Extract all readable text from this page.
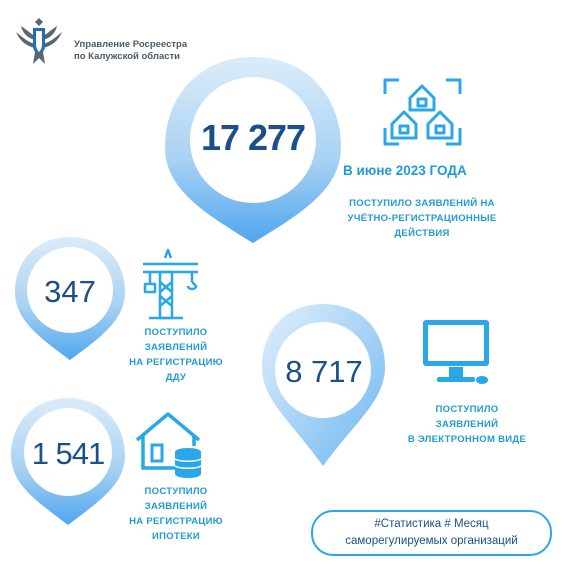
Управление Росреестра
по Калужской области
17 277
В июне 2023 ГОДА
ПОСТУПИЛО ЗАЯВЛЕНИЙ НА
УЧЁТНО-РЕГИСТРАЦИОННЫЕ
ДЕЙСТВИЯ
347
ПОСТУПИЛО
ЗАЯВЛЕНИЙ
НА РЕГИСТРАЦИЮ
ДДУ	8 717
ПОСТУПИЛО
ЗАЯВЛЕНИЙ
В ЭЛЕКТРОННОМ ВИДЕ
1 541
ПОСТУПИЛО
ЗАЯВЛЕНИЙ
НА РЕГИСТРАЦИЮ
ИПОТЕКИ
#Статистика # Месяц
саморегулируемых организаций
